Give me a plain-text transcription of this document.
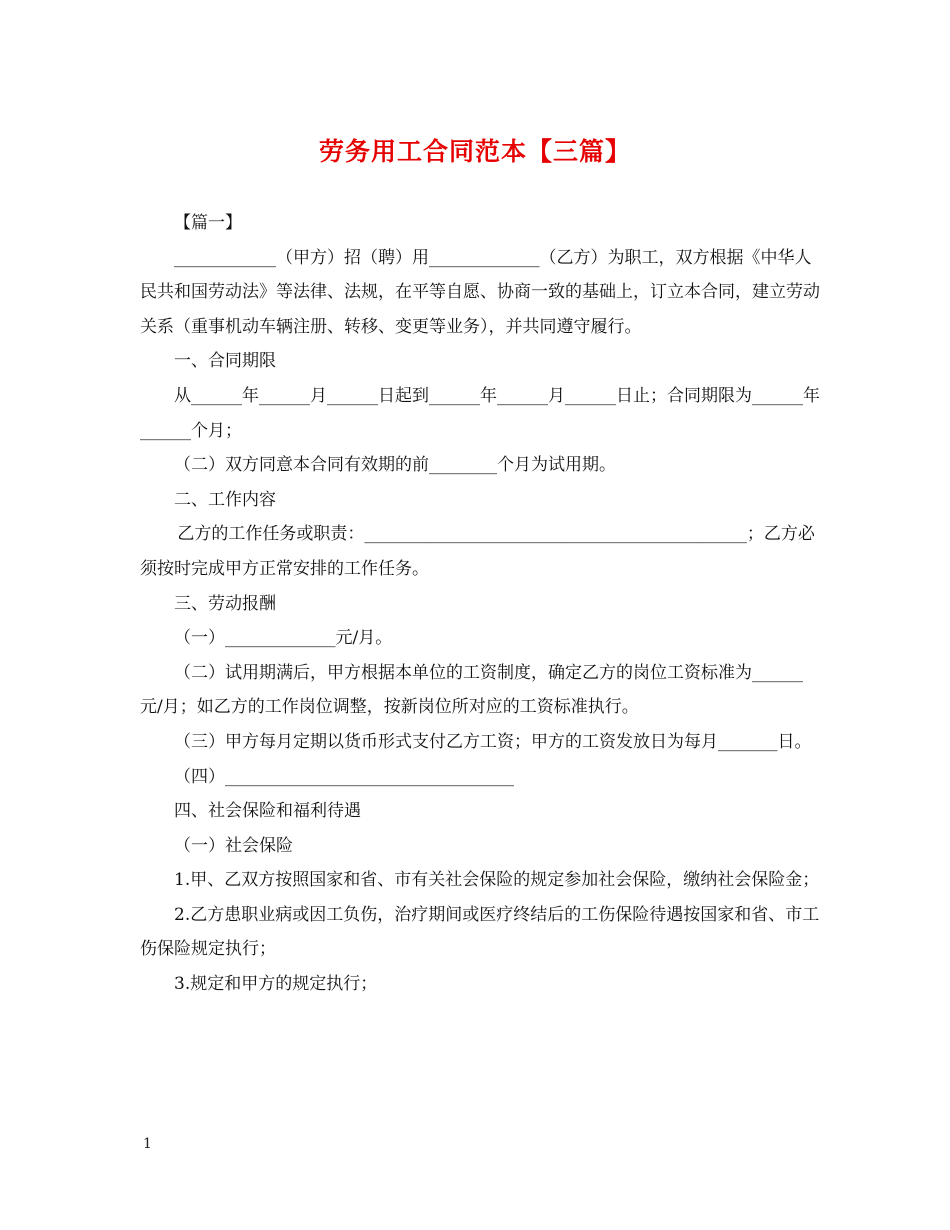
劳务用工合同范本【三篇】

【篇一】

____________（甲方）招（聘）用_____________（乙方）为职工，双方根据《中华人民共和国劳动法》等法律、法规，在平等自愿、协商一致的基础上，订立本合同，建立劳动关系（重事机动车辆注册、转移、变更等业务），并共同遵守履行。

一、合同期限

从______年______月______日起到______年______月______日止；合同期限为______年______个月；

（二）双方同意本合同有效期的前________个月为试用期。

二、工作内容

乙方的工作任务或职责：_____________________________________________；乙方必须按时完成甲方正常安排的工作任务。

三、劳动报酬

（一）_____________元/月。

（二）试用期满后，甲方根据本单位的工资制度，确定乙方的岗位工资标准为______元/月；如乙方的工作岗位调整，按新岗位所对应的工资标准执行。

（三）甲方每月定期以货币形式支付乙方工资；甲方的工资发放日为每月_______日。

（四）__________________________________

四、社会保险和福利待遇

（一）社会保险

1.甲、乙双方按照国家和省、市有关社会保险的规定参加社会保险，缴纳社会保险金；

2.乙方患职业病或因工负伤，治疗期间或医疗终结后的工伤保险待遇按国家和省、市工伤保险规定执行；

3.规定和甲方的规定执行；

1
